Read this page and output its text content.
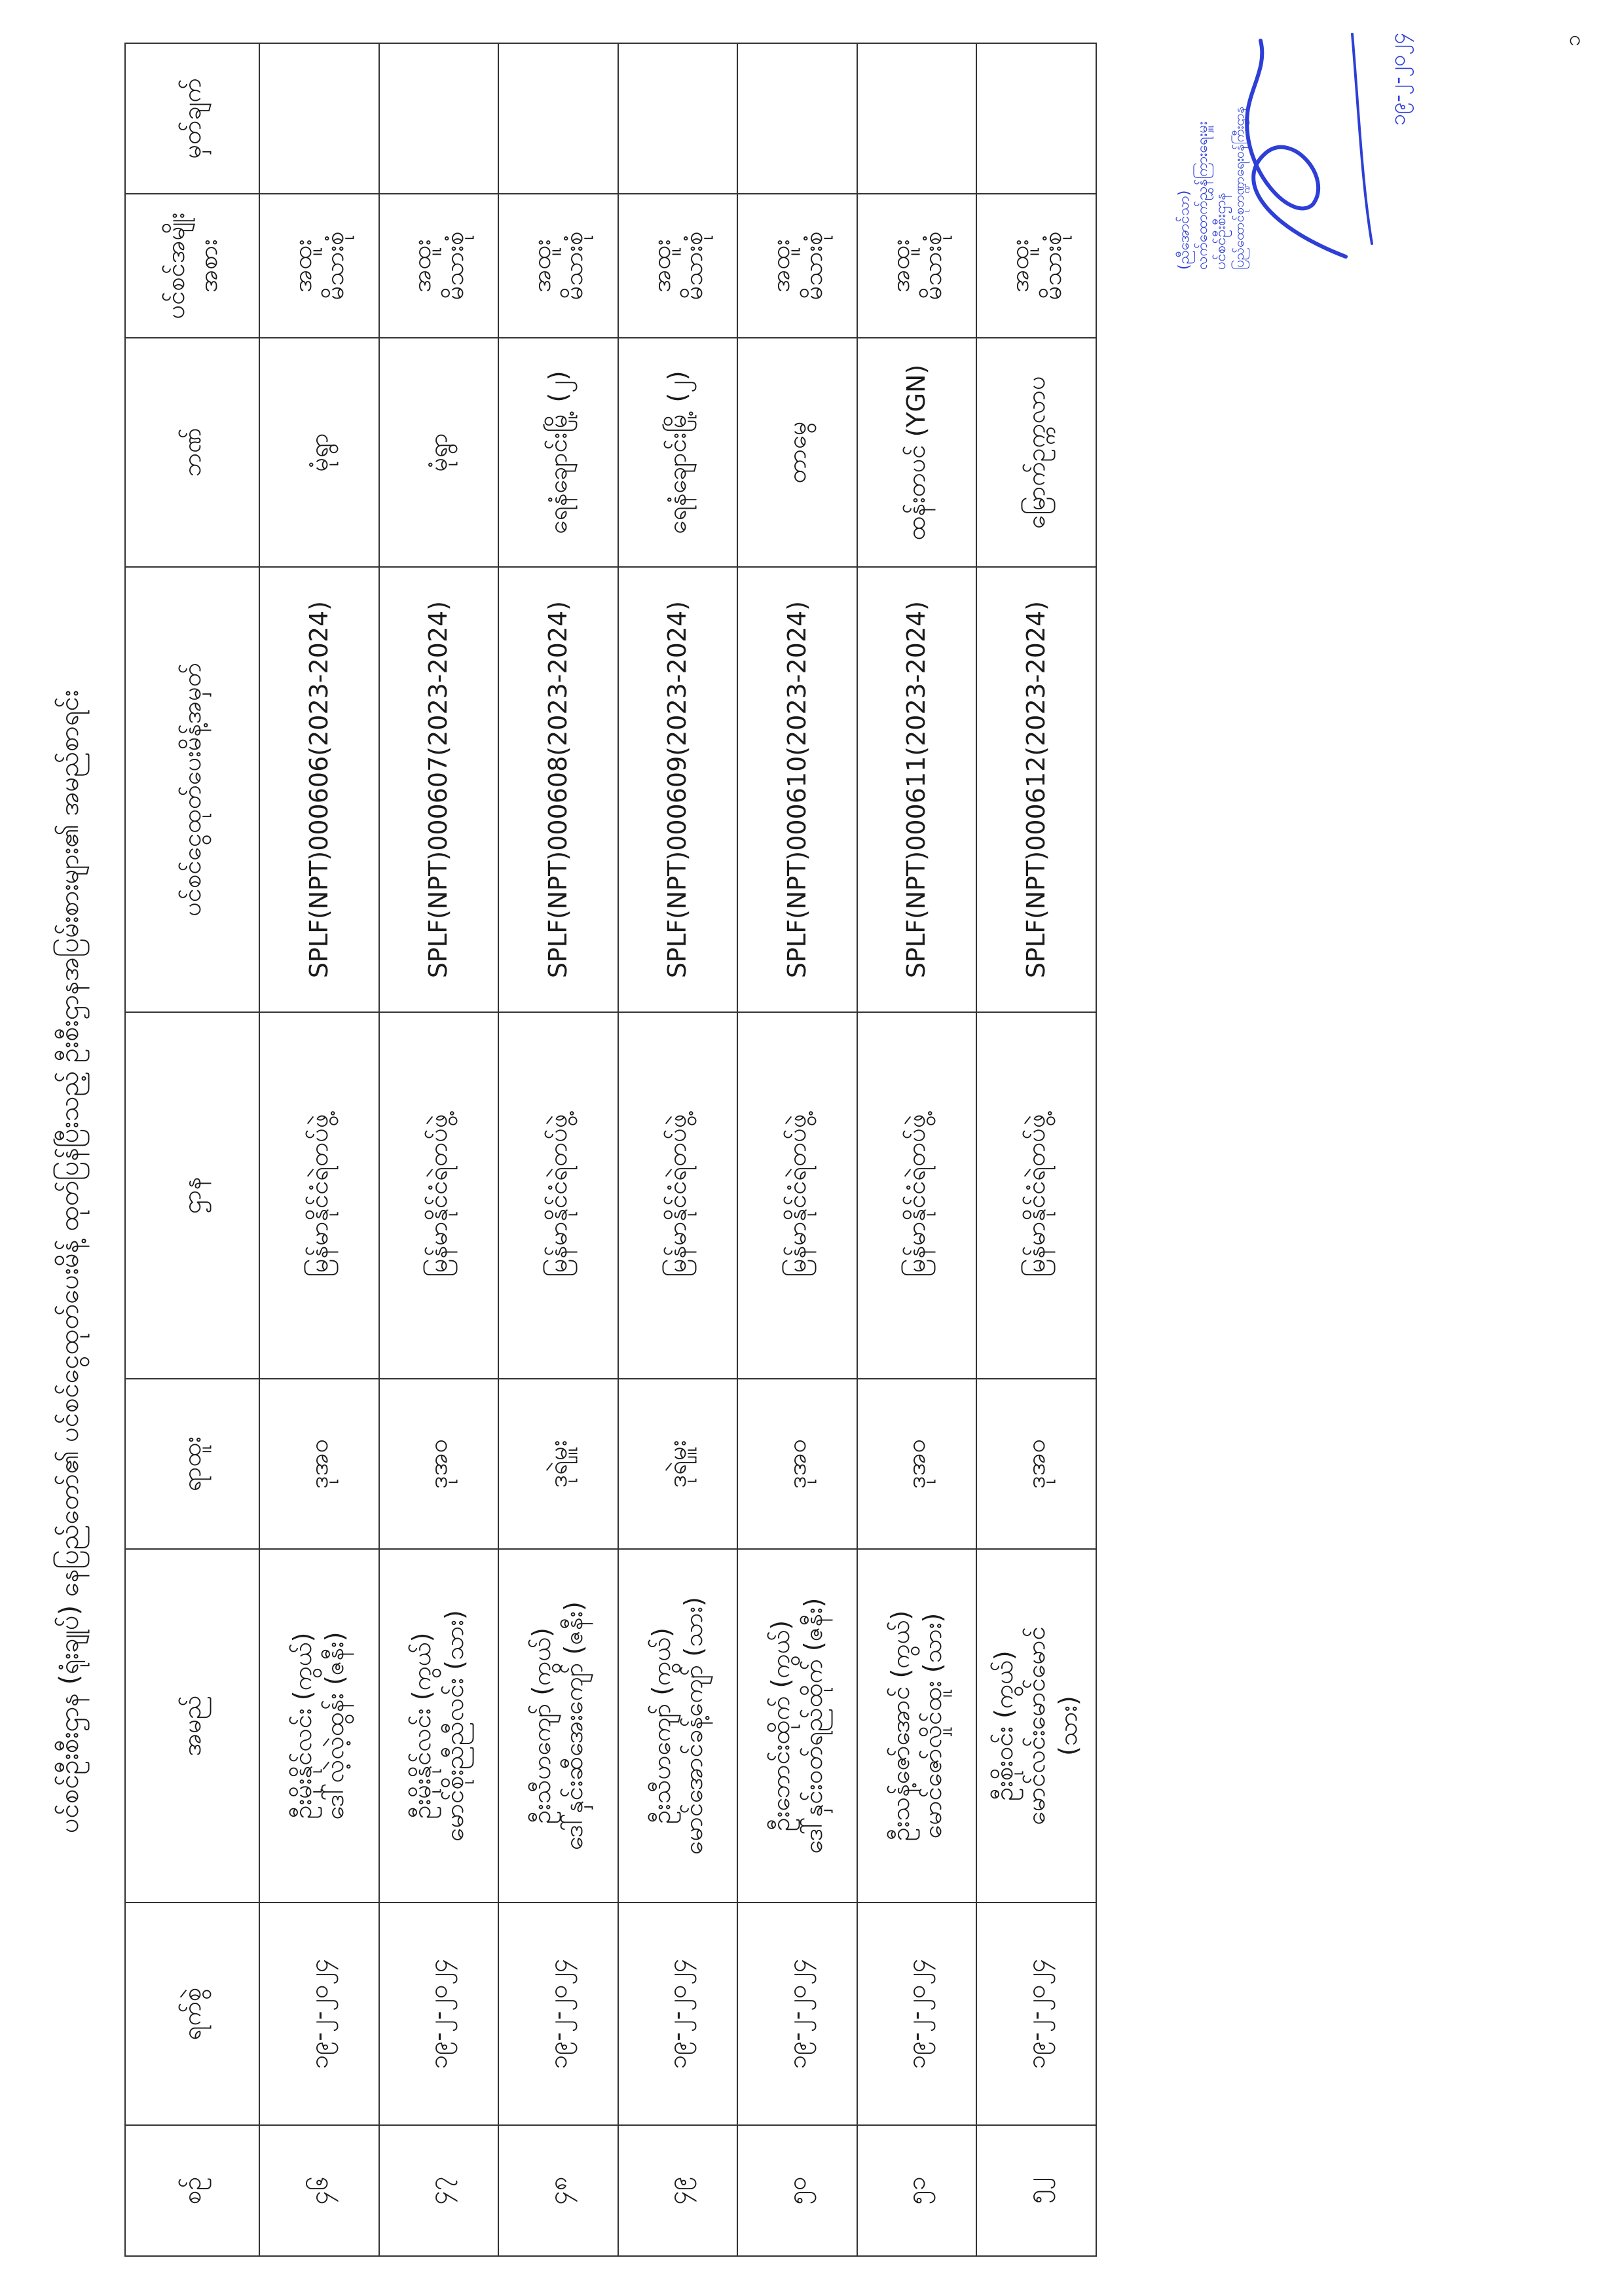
ပင်စင်ဦးစီးဌာန (ရုံးချုပ်) နေပြည်တော်၏ ပင်စင်ငွေထုတ်ပေးမိန့် ထုတ်ပြန်ပြီးသည့် ဦးစီးဌာနအပြမ်းစားများ၏ အမည်စာရင်း
စဉ်	ရက်စွဲ	အမည်	ရာထူး	ဌာန	ပင်စင်ငွေထုတ်ပေးမိန့်အမှတ်	ဘဏ်	ပင်စင်အမျိုးအစား	မှတ်ချက်
၄၆	၁၉-၂-၂၀၂၄	ဦးမိုးနိုင်လင်း (ကွယ်) ဒေါ်လဲ့လဲ့ထွန်း (ဇနီး)	ဒုအဝ	မြန်မာနိုင်ငံရဲတပ်ဖွဲ့	SPLF(NPT)000606(2023-2024)	မုံရွာ	အထူး မိသားစုံ	

၄၇	၁၉-၂-၂၀၂၄	ဦးမိုးနိုင်လင်း (ကွယ်) မောင်စိုးညီညီလင်း (သား)	ဒုအဝ	မြန်မာနိုင်ငံရဲတပ်ဖွဲ့	SPLF(NPT)000607(2023-2024)	မုံရွာ	အထူး မိသားစုံ	

၄၈	၁၉-၂-၂၀၂၄	ဦးသီဟကျော် (ကွယ်) ဒေါ်နှင်းဆီအေးကျော် (ဇနီး)	ဒုရဲမှူး	မြန်မာနိုင်ငံရဲတပ်ဖွဲ့	SPLF(NPT)000608(2023-2024)	ရေနံချောင်းမြို့ (၂)	အထူး မိသားစုံ	

၄၉	၁၉-၂-၂၀၂၄	ဦးသီဟကျော် (ကွယ်) မောင်အောင်ခန့်ကျော် (သား)	ဒုရဲမှူး	မြန်မာနိုင်ငံရဲတပ်ဖွဲ့	SPLF(NPT)000609(2023-2024)	ရေနံချောင်းမြို့ (၂)	အထူး မိသားစုံ	

၅၀	၁၉-၂-၂၀၂၄	ဦးဘောင်းထိုက် (ကွယ်) ဒေါ်နှင်းဝတ်ရည်ထိုက် (ဇနီး)	ဒုအဝ	မြန်မာနိုင်ငံရဲတပ်ဖွဲ့	SPLF(NPT)000610(2023-2024)	တာမွေ	အထူး မိသားစုံ	

၅၁	၁၉-၂-၂၀၂၄	ဦးသန့်ဇော်အောင် (ကွယ်) မောင်ဇော်လှိုင်ထူး (သား)	ဒုအဝ	မြန်မာနိုင်ငံရဲတပ်ဖွဲ့	SPLF(NPT)000611(2023-2024)	ထန်းတပင် (YGN)	အထူး မိသားစုံ	

၅၂	၁၉-၂-၂၀၂၄	ဦးစိုးဝင်း (ကွယ်) မောင်လင်းမောင်မောင် (သား)	ဒုအဝ	မြန်မာနိုင်ငံရဲတပ်ဖွဲ့	SPLF(NPT)000612(2023-2024)	မြောက်ဥက္ကလာပ	အထူး မိသားစုံ	

၁၉-၂-၂၀၂၄
(ညီအောင်သာ) လက်ထောက်ညွှန်ကြားရေးမှူး ပင်စင်ဦးစီးဌာန ပြည်ထောင်စုဘဏ္ဍာရေးဝန်ကြီးဌာန
၁
